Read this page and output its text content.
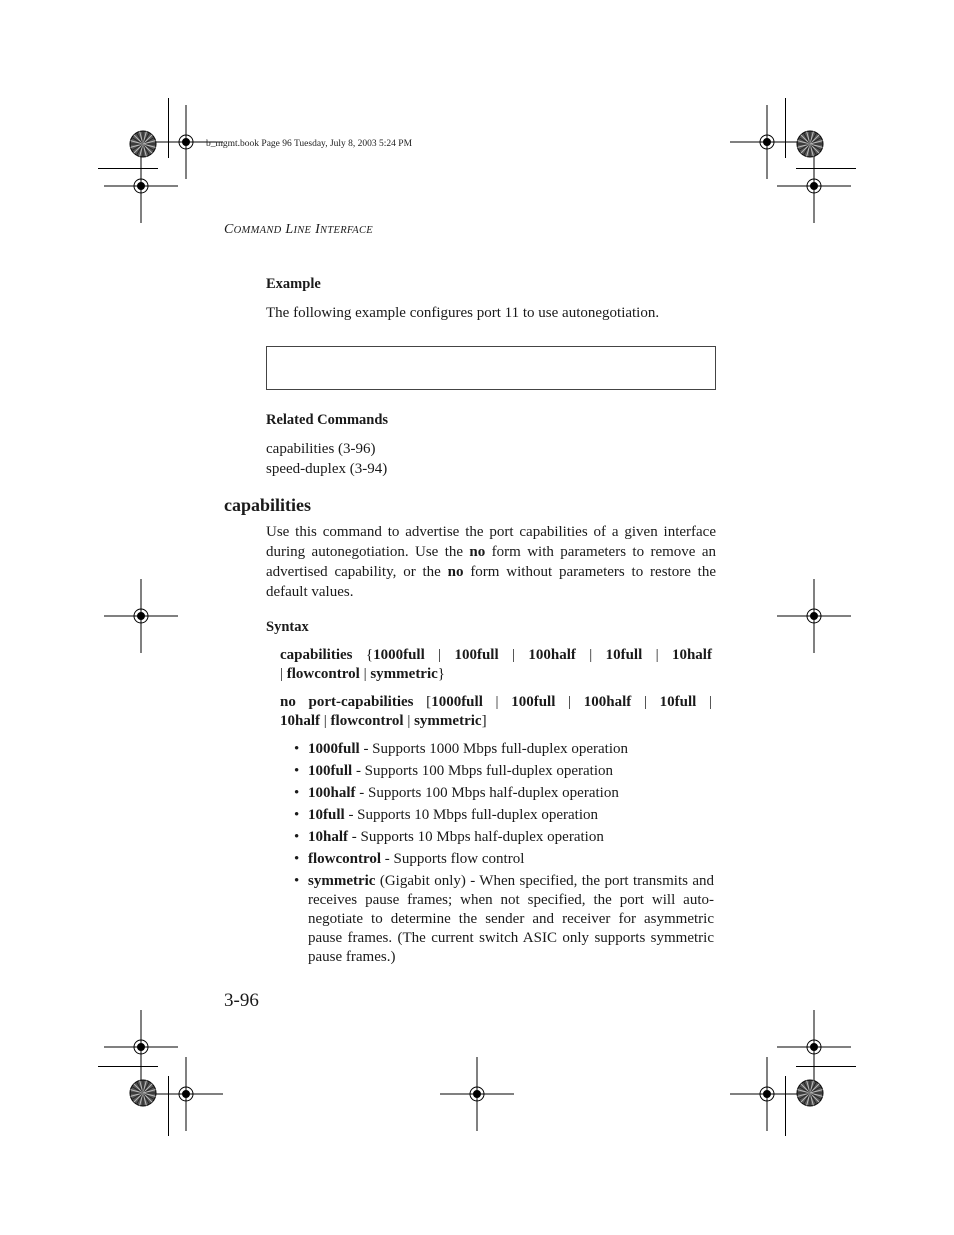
b_mgmt.book Page 96 Tuesday, July 8, 2003 5:24 PM
COMMAND LINE INTERFACE
Example
The following example configures port 11 to use autonegotiation.
Related Commands
capabilities (3-96)
speed-duplex (3-94)
capabilities
Use this command to advertise the port capabilities of a given interface during autonegotiation. Use the no form with parameters to remove an advertised capability, or the no form without parameters to restore the default values.
Syntax
capabilities {1000full | 100full | 100half | 10full | 10half
| flowcontrol | symmetric}
no port-capabilities [1000full | 100full | 100half | 10full |
10half | flowcontrol | symmetric]
• 1000full - Supports 1000 Mbps full-duplex operation
• 100full - Supports 100 Mbps full-duplex operation
• 100half - Supports 100 Mbps half-duplex operation
• 10full - Supports 10 Mbps full-duplex operation
• 10half - Supports 10 Mbps half-duplex operation
• flowcontrol - Supports flow control
• symmetric (Gigabit only) - When specified, the port transmits and receives pause frames; when not specified, the port will auto-negotiate to determine the sender and receiver for asymmetric pause frames. (The current switch ASIC only supports symmetric pause frames.)
3-96
